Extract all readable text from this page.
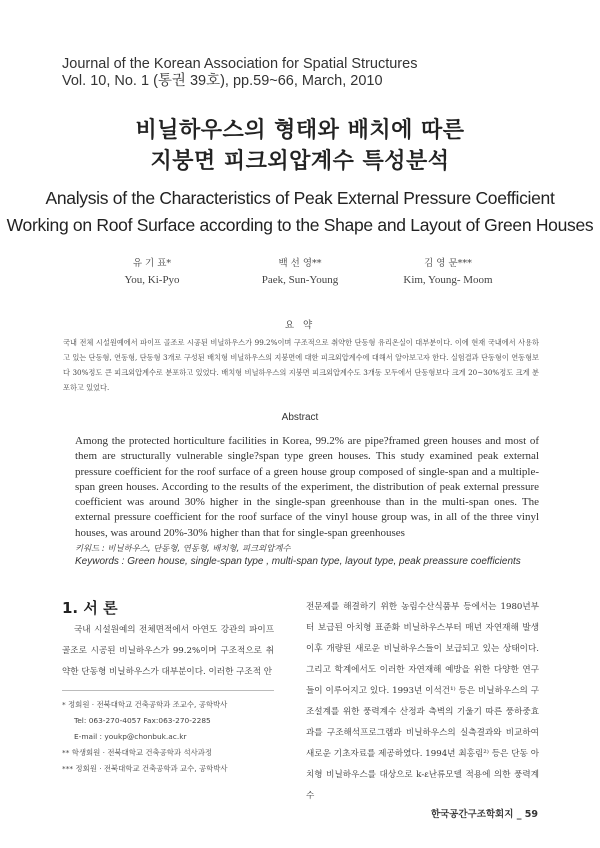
Journal of the Korean Association for Spatial Structures
Vol. 10, No. 1 (통권 39호), pp.59~66, March, 2010
비닐하우스의 형태와 배치에 따른
지붕면 피크외압계수 특성분석
Analysis of the Characteristics of Peak External Pressure Coefficient
Working on Roof Surface according to the Shape and Layout of Green Houses
유 기 표*
You, Ki-Pyo
백 선 영**
Paek, Sun-Young
김 영 문***
Kim, Young- Moom
요 약
국내 전체 시설원예에서 파이프 골조로 시공된 비닐하우스가 99.2%이며 구조적으로 취약한 단동형 유리온실이 대부분이다. 이에 현재 국내에서 사용하고 있는 단동형, 연동형, 단동형 3개로 구성된 배치형 비닐하우스의 지붕면에 대한 피크외압계수에 대해서 알아보고자 한다. 실험결과 단동형이 연동형보다 30%정도 큰 피크외압계수로 분포하고 있었다. 배치형 비닐하우스의 지붕면 피크외압계수도 3개동 모두에서 단동형보다 크게 20~30%정도 크게 분포하고 있었다.
Abstract
Among the protected horticulture facilities in Korea, 99.2% are pipe?framed green houses and most of them are structurally vulnerable single?span type green houses. This study examined peak external pressure coefficient for the roof surface of a green house group composed of single-span and a multiple-span green houses. According to the results of the experiment, the distribution of peak external pressure coefficient was around 30% higher in the single-span greenhouse than in the multi-span ones. The external pressure coefficient for the roof surface of the vinyl house group was, in all of the three vinyl houses, was around 20%-30% higher than that for single-span greenhouses
키워드 : 비닐하우스, 단동형, 연동형, 배치형, 피크외압계수
Keywords : Green house, single-span type , multi-span type, layout type, peak preassure coefficients
1. 서 론
국내 시설원예의 전체면적에서 아연도 강관의 파이프 골조로 시공된 비닐하우스가 99.2%이며 구조적으로 취약한 단동형 비닐하우스가 대부분이다. 이러한 구조적 안
* 정회원 · 전북대학교 건축공학과 조교수, 공학박사
Tel: 063-270-4057 Fax:063-270-2285
E-mail : youkp@chonbuk.ac.kr
** 학생회원 · 전북대학교 건축공학과 석사과정
*** 정회원 · 전북대학교 건축공학과 교수, 공학박사
전문제를 해결하기 위한 농림수산식품부 등에서는 1980년부터 보급된 아치형 표준화 비닐하우스부터 매년 자연재해 발생이후 개량된 새로운 비닐하우스들이 보급되고 있는 상태이다. 그리고 학계에서도 이러한 자연재해 예방을 위한 다양한 연구들이 이루어지고 있다. 1993년 이석건¹⁾ 등은 비닐하우스의 구조설계를 위한 풍력계수 산정과 측벽의 기울기 따른 풍하중효과를 구조해석프로그램과 비닐하우스의 실측결과와 비교하여 새로운 기초자료를 제공하였다. 1994년 최홍림²⁾ 등은 단동 아치형 비닐하우스를 대상으로 k-ε난류모델 적용에 의한 풍력계수
한국공간구조학회지 _ 59
